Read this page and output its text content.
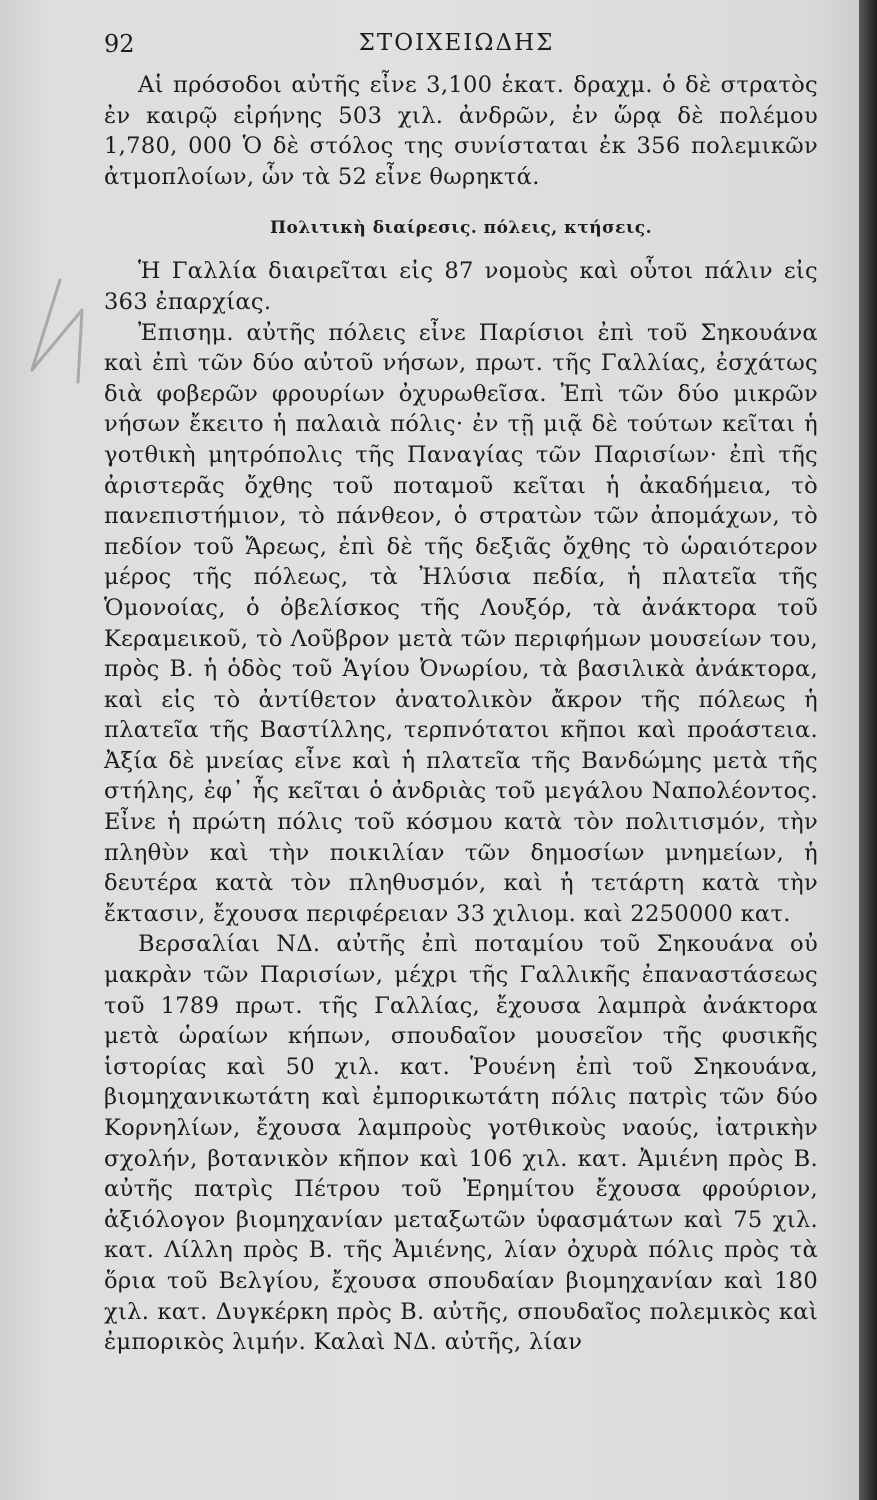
92	ΣΤΟΙΧΕΙΩΔΗΣ

Αἱ πρόσοδοι αὐτῆς εἶνε 3,100 ἑκατ. δραχμ. ὁ δὲ στρατὸς ἐν καιρῷ εἰρήνης 503 χιλ. ἀνδρῶν, ἐν ὥρᾳ δὲ πολέμου 1,780, 000 Ὁ δὲ στόλος της συνίσταται ἐκ 356 πολεμικῶν ἀτμοπλοίων, ὧν τὰ 52 εἶνε θωρηκτά.

Πολιτικὴ διαίρεσις. πόλεις, κτήσεις.

Ἡ Γαλλία διαιρεῖται εἰς 87 νομοὺς καὶ οὗτοι πάλιν εἰς 363 ἐπαρχίας.

Ἐπισημ. αὐτῆς πόλεις εἶνε Παρίσιοι ἐπὶ τοῦ Σηκουάνα καὶ ἐπὶ τῶν δύο αὐτοῦ νήσων, πρωτ. τῆς Γαλλίας, ἐσχάτως διὰ φοβερῶν φρουρίων ὀχυρωθεῖσα. Ἐπὶ τῶν δύο μικρῶν νήσων ἔκειτο ἡ παλαιὰ πόλις· ἐν τῇ μιᾷ δὲ τούτων κεῖται ἡ γοτθικὴ μητρόπολις τῆς Παναγίας τῶν Παρισίων· ἐπὶ τῆς ἀριστερᾶς ὄχθης τοῦ ποταμοῦ κεῖται ἡ ἀκαδήμεια, τὸ πανεπιστήμιον, τὸ πάνθεον, ὁ στρατὼν τῶν ἀπομάχων, τὸ πεδίον τοῦ Ἄρεως, ἐπὶ δὲ τῆς δεξιᾶς ὄχθης τὸ ὡραιότερον μέρος τῆς πόλεως, τὰ Ἠλύσια πεδία, ἡ πλατεῖα τῆς Ὁμονοίας, ὁ ὀβελίσκος τῆς Λουξόρ, τὰ ἀνάκτορα τοῦ Κεραμεικοῦ, τὸ Λοῦβρον μετὰ τῶν περιφήμων μουσείων του, πρὸς Β. ἡ ὁδὸς τοῦ Ἁγίου Ὀνωρίου, τὰ βασιλικὰ ἀνάκτορα, καὶ εἰς τὸ ἀντίθετον ἀνατολικὸν ἄκρον τῆς πόλεως ἡ πλατεῖα τῆς Βαστίλλης, τερπνότατοι κῆποι καὶ προάστεια. Ἀξία δὲ μνείας εἶνε καὶ ἡ πλατεῖα τῆς Βανδώμης μετὰ τῆς στήλης, ἐφ᾽ ἧς κεῖται ὁ ἀνδριὰς τοῦ μεγάλου Ναπολέοντος. Εἶνε ἡ πρώτη πόλις τοῦ κόσμου κατὰ τὸν πολιτισμόν, τὴν πληθὺν καὶ τὴν ποικιλίαν τῶν δημοσίων μνημείων, ἡ δευτέρα κατὰ τὸν πληθυσμόν, καὶ ἡ τετάρτη κατὰ τὴν ἔκτασιν, ἔχουσα περιφέρειαν 33 χιλιομ. καὶ 2250000 κατ.

Βερσαλίαι ΝΔ. αὐτῆς ἐπὶ ποταμίου τοῦ Σηκουάνα οὐ μακρὰν τῶν Παρισίων, μέχρι τῆς Γαλλικῆς ἐπαναστάσεως τοῦ 1789 πρωτ. τῆς Γαλλίας, ἔχουσα λαμπρὰ ἀνάκτορα μετὰ ὡραίων κήπων, σπουδαῖον μουσεῖον τῆς φυσικῆς ἱστορίας καὶ 50 χιλ. κατ. Ῥουένη ἐπὶ τοῦ Σηκουάνα, βιομηχανικωτάτη καὶ ἐμπορικωτάτη πόλις πατρὶς τῶν δύο Κορνηλίων, ἔχουσα λαμπροὺς γοτθικοὺς ναούς, ἰατρικὴν σχολήν, βοτανικὸν κῆπον καὶ 106 χιλ. κατ. Ἀμιένη πρὸς Β. αὐτῆς πατρὶς Πέτρου τοῦ Ἐρημίτου ἔχουσα φρούριον, ἀξιόλογον βιομηχανίαν μεταξωτῶν ὑφασμάτων καὶ 75 χιλ. κατ. Λίλλη πρὸς Β. τῆς Ἀμιένης, λίαν ὀχυρὰ πόλις πρὸς τὰ ὅρια τοῦ Βελγίου, ἔχουσα σπουδαίαν βιομηχανίαν καὶ 180 χιλ. κατ. Δυγκέρκη πρὸς Β. αὐτῆς, σπουδαῖος πολεμικὸς καὶ ἐμπορικὸς λιμήν. Καλαὶ ΝΔ. αὐτῆς, λίαν
